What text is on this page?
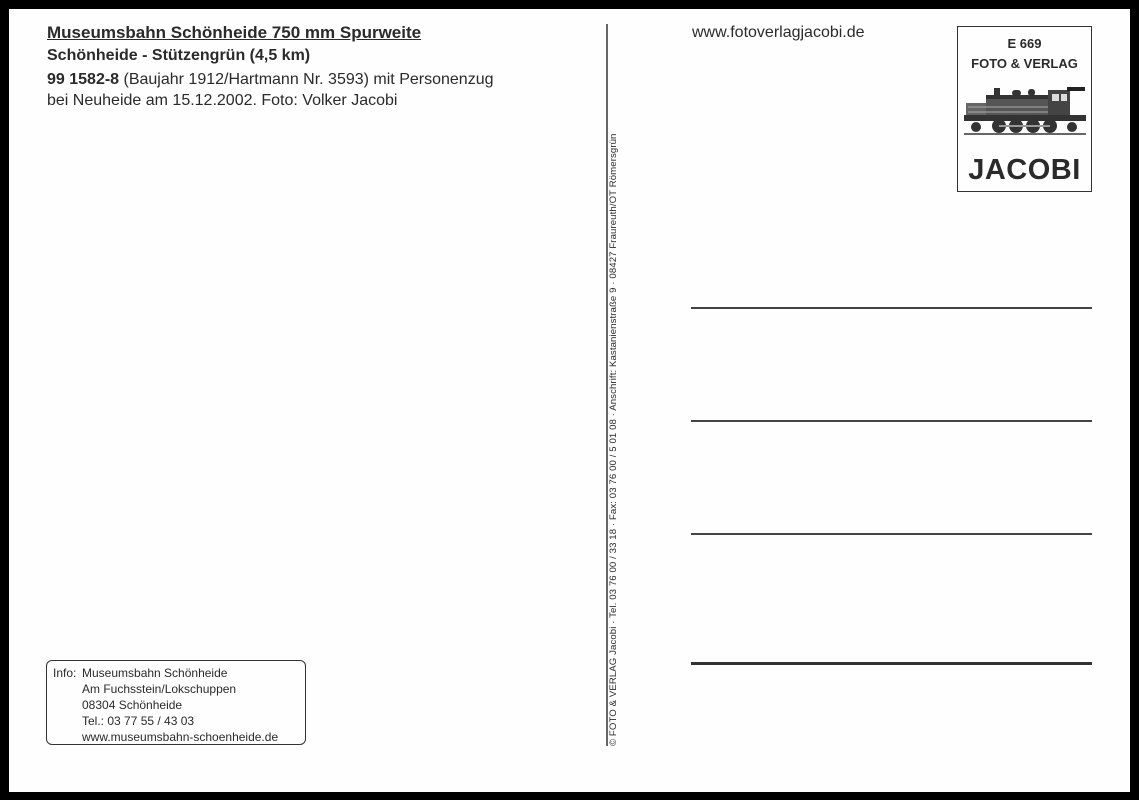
Museumsbahn Schönheide 750 mm Spurweite
Schönheide - Stützengrün (4,5 km)
99 1582-8 (Baujahr 1912/Hartmann Nr. 3593) mit Personenzug
bei Neuheide am 15.12.2002. Foto: Volker Jacobi
Info: Museumsbahn Schönheide
Am Fuchsstein/Lokschuppen
08304 Schönheide
Tel.: 03 77 55 / 43 03
www.museumsbahn-schoenheide.de	© FOTO & VERLAG Jacobi · Tel. 03 76 00 / 33 18 · Fax: 03 76 00 / 5 01 08 · Anschrift: Kastanienstraße 9 · 08427 Fraureuth/OT Römersgrün
www.fotoverlagjacobi.de
E 669
FOTO & VERLAG
JACOBI
